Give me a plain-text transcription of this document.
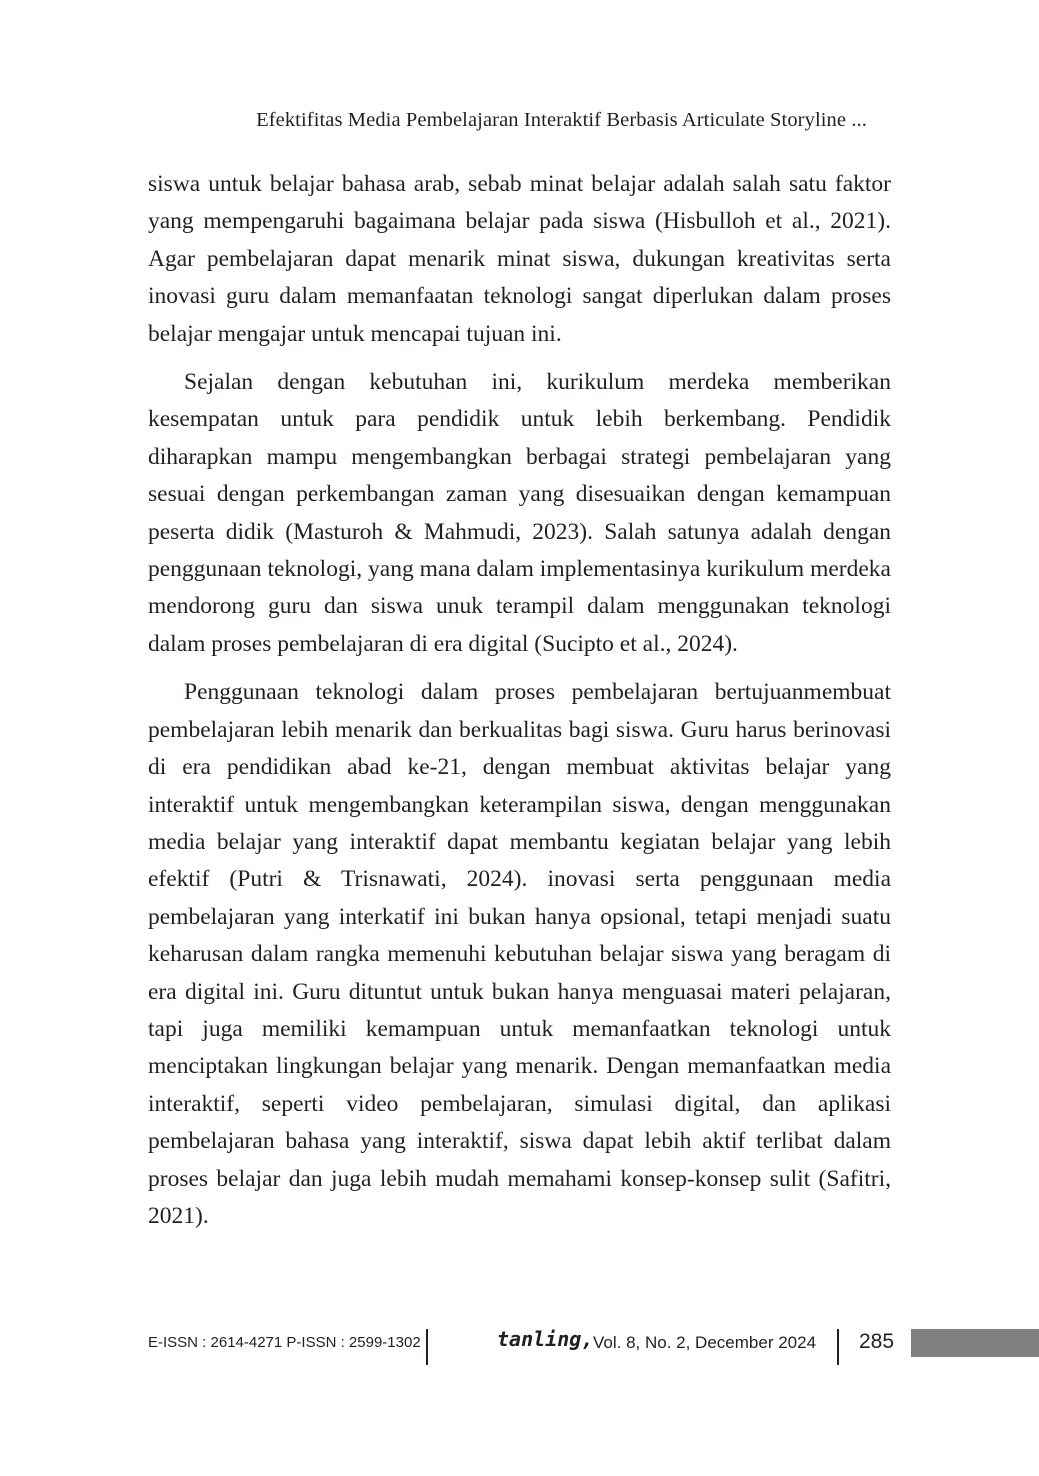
Efektifitas Media Pembelajaran Interaktif Berbasis Articulate Storyline ...

siswa untuk belajar bahasa arab, sebab minat belajar adalah salah satu faktor yang mempengaruhi bagaimana belajar pada siswa (Hisbulloh et al., 2021). Agar pembelajaran dapat menarik minat siswa, dukungan kreativitas serta inovasi guru dalam memanfaatan teknologi sangat diperlukan dalam proses belajar mengajar untuk mencapai tujuan ini.

Sejalan dengan kebutuhan ini, kurikulum merdeka memberikan kesempatan untuk para pendidik untuk lebih berkembang. Pendidik diharapkan mampu mengembangkan berbagai strategi pembelajaran yang sesuai dengan perkembangan zaman yang disesuaikan dengan kemampuan peserta didik (Masturoh & Mahmudi, 2023). Salah satunya adalah dengan penggunaan teknologi, yang mana dalam implementasinya kurikulum merdeka mendorong guru dan siswa unuk terampil dalam menggunakan teknologi dalam proses pembelajaran di era digital (Sucipto et al., 2024).

Penggunaan teknologi dalam proses pembelajaran bertujuanmembuat pembelajaran lebih menarik dan berkualitas bagi siswa. Guru harus berinovasi di era pendidikan abad ke-21, dengan membuat aktivitas belajar yang interaktif untuk mengembangkan keterampilan siswa, dengan menggunakan media belajar yang interaktif dapat membantu kegiatan belajar yang lebih efektif (Putri & Trisnawati, 2024). inovasi serta penggunaan media pembelajaran yang interkatif ini bukan hanya opsional, tetapi menjadi suatu keharusan dalam rangka memenuhi kebutuhan belajar siswa yang beragam di era digital ini. Guru dituntut untuk bukan hanya menguasai materi pelajaran, tapi juga memiliki kemampuan untuk memanfaatkan teknologi untuk menciptakan lingkungan belajar yang menarik. Dengan memanfaatkan media interaktif, seperti video pembelajaran, simulasi digital, dan aplikasi pembelajaran bahasa yang interaktif, siswa dapat lebih aktif terlibat dalam proses belajar dan juga lebih mudah memahami konsep-konsep sulit (Safitri, 2021).

E-ISSN : 2614-4271 P-ISSN : 2599-1302	tanling, Vol. 8, No. 2, December 2024 285
